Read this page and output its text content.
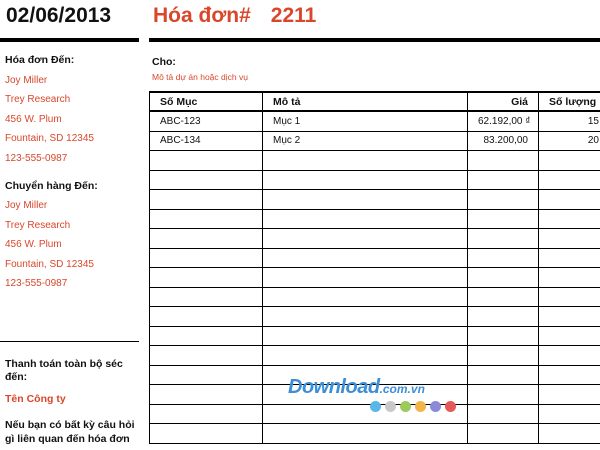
02/06/2013 Hóa đơn# 2211
Hóa đơn Đến:
Joy Miller
Trey Research
456 W. Plum
Fountain, SD 12345
123-555-0987
Chuyển hàng Đến:
Joy Miller
Trey Research
456 W. Plum
Fountain, SD 12345
123-555-0987
Thanh toán toàn bộ séc đến:
Tên Công ty
Nếu bạn có bất kỳ câu hỏi gì liên quan đến hóa đơn
Cho:
Mô tả dự án hoặc dịch vụ
Số Mục	Mô tả	Giá	Số lượng
ABC-123	Mục 1	62.192,00 ₫	15
ABC-134	Mục 2	83.200,00	20

Download.com.vn
